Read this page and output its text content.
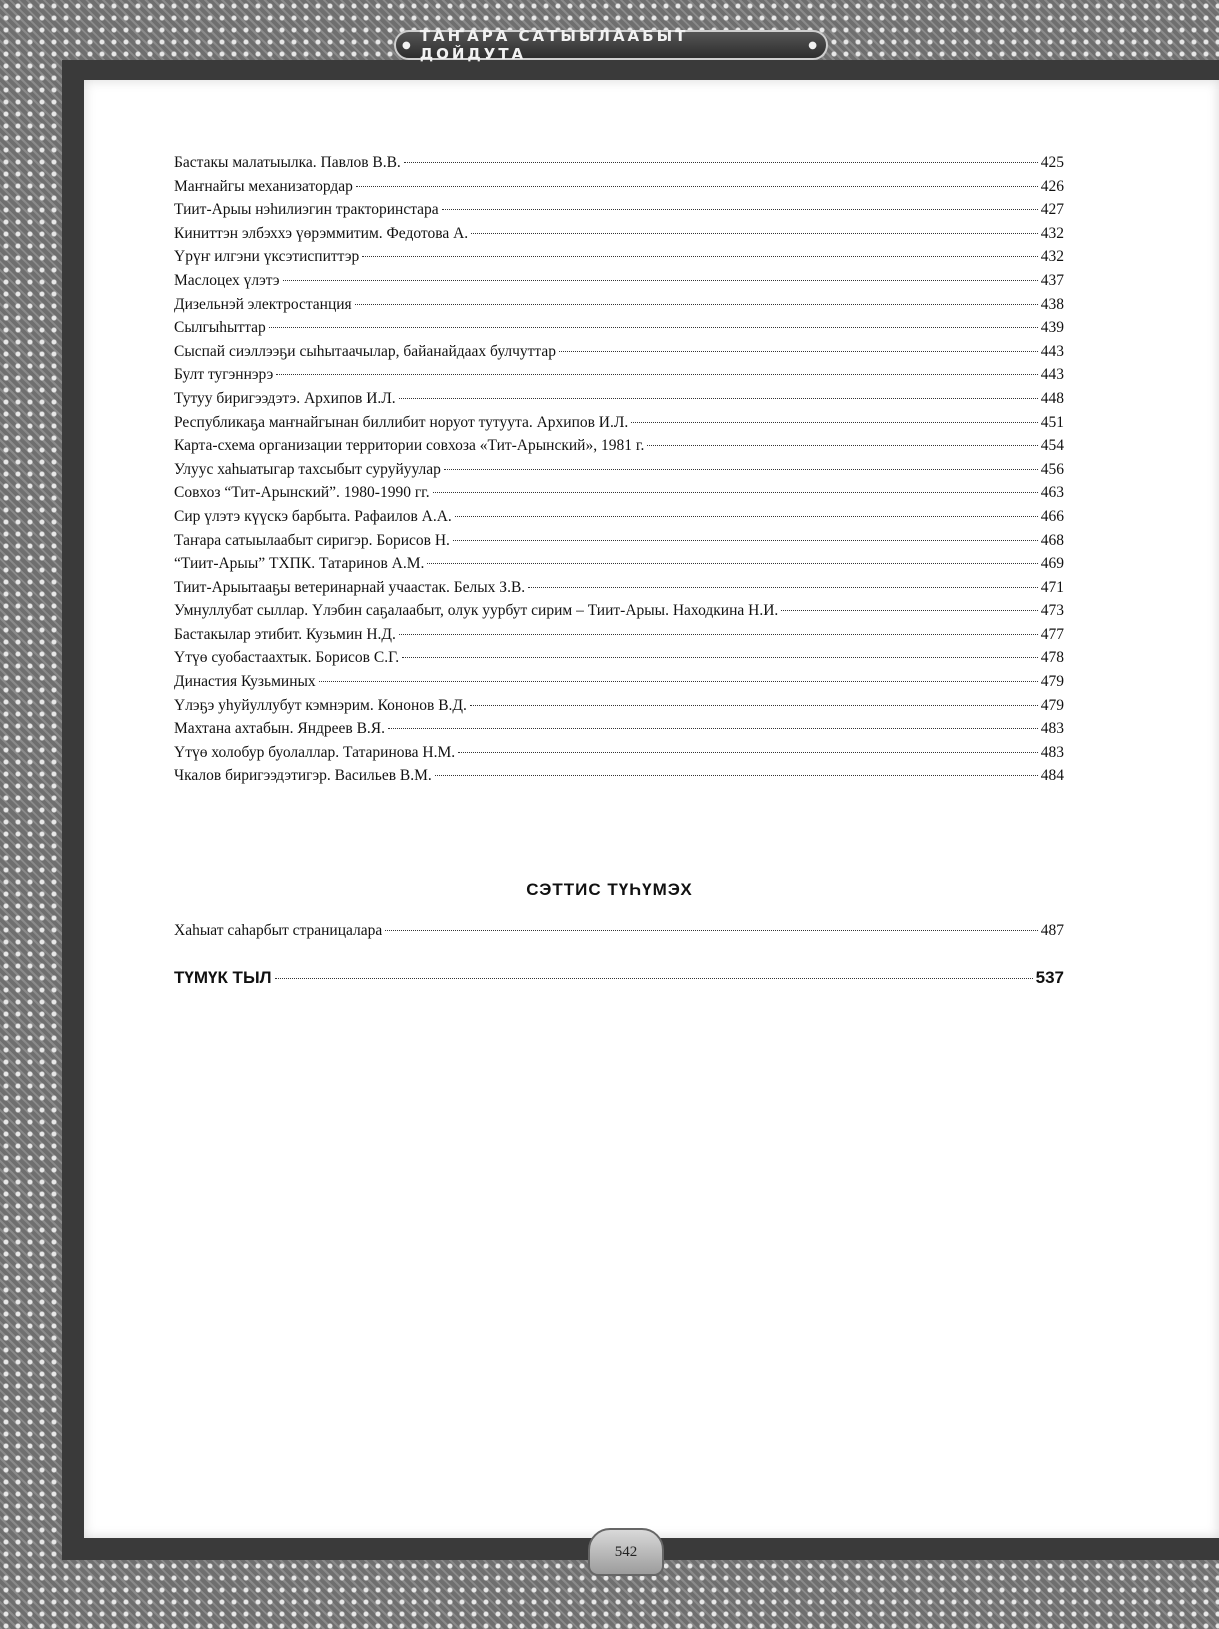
● ТАҤАРА САТЫЫЛААБЫТ ДОЙДУТА	●
Бастакы малатыылка. Павлов В.В.	425
Маҥнайгы механизатордар	426
Тиит-Арыы нэһилиэгин тракторинстара	427
Киниттэн элбэххэ үөрэммитим. Федотова А.	432
Үрүҥ илгэни үксэтиспиттэр	432
Маслоцех үлэтэ	437
Дизельнэй электростанция	438
Сылгыһыттар	439
Сыспай сиэллээҕи сыһытаачылар, байанайдаах булчуттар	443
Булт тугэннэрэ	443
Тутуу биригээдэтэ. Архипов И.Л.	448
Республикаҕа маҥнайгынан биллибит норуот тутуута. Архипов И.Л.	451
Карта-схема организации территории совхоза «Тит-Арынский», 1981 г.	454
Улуус хаһыатыгар тахсыбыт суруйуулар	456
Совхоз “Тит-Арынский”. 1980-1990 гг.	463
Сир үлэтэ күүскэ барбыта. Рафаилов А.А.	466
Таҥара сатыылаабыт сиригэр. Борисов Н.	468
“Тиит-Арыы” ТХПК. Татаринов А.М.	469
Тиит-Арыытааҕы ветеринарнай учаастак. Белых З.В.	471
Умнуллубат сыллар. Үлэбин сaҕалаабыт, олук уурбут сирим – Тиит-Арыы. Находкина Н.И.	473
Бастакылар этибит. Кузьмин Н.Д.	477
Үтүө суобастаахтык. Борисов С.Г.	478
Династия Кузьминых	479
Үлэҕэ уһуйуллубут кэмнэрим. Кононов В.Д.	479
Махтана ахтабын. Яндреев В.Я.	483
Үтүө холобур буолаллар. Татаринова Н.М.	483
Чкалов биригээдэтигэр. Васильев В.М.	484
СЭТТИС ТҮҺҮМЭХ
Хаһыат саһарбыт страницалара	487
ТҮМҮК ТЫЛ	537
542
